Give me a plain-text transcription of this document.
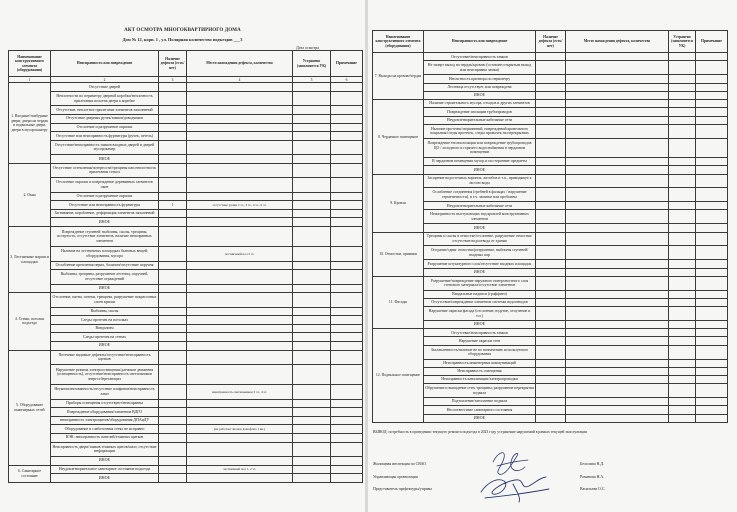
АКТ ОСМОТРА МНОГОКВАРТИРНОГО ДОМА
Дом № 12, корп. 1 , ул. Полярная количество подъездов ___3
Дата осмотра
Наименование конструктивного элемента (оборудования)	Неисправность или повреждение	Наличие дефекта (есть/нет)	Место нахождения дефекта, количество	Устранено (заполняется УК)	Примечание
1	2	3	4	5	6
1. Входные/тамбурные двери, двери на чердак и подвальные двери, двери в мусорокамеру	Отсутствие дверей				
	Неплотности по периметру дверной коробки/неплотность прилегания полотна двери к коробке				
	Отсутствие, неплотное прилегание элементов заполнений				
	Отсутствие дверных ручек/замков/доводчиков				
	Отслоение и разрушение окраски				
	Отсутствие или неисправность фурнитуры (ручек, петель)				
	Отсутствие/неисправность замков входных дверей и дверей мусорокамер				
	ИНОЕ				
2. Окна	Отсутствие остекления/потертости/трещины или неплотность прилегания стекол				
	Отслоение окраски и повреждение деревянных элементов окон				
	Отслоение и разрушение окраски				
	Отсутствие или неисправность фурнитуры	1	отсутствие ручки 2 эт., 3 эт., 4 эт., 9 эт.		
	Загнивание, коробление, деформация элементов заполнений				
	ИНОЕ				
3. Лестничные марши и площадки	Повреждение ступеней: выбоины, сколы, трещины, истертость, отсутствие элементов, наличие неисправных элементов				
	Наличие на лестничных площадках бытовых вещей, оборудования, мусора		лестничный пол 5 эт.		
	Ослабление крепления перил, балясин/отсутствие поручня				
	Выбоины, трещины, разрушение лестниц, поручней, отсутствие ограждений				
	ИНОЕ				
4. Стены, потолки подъезда	Отслоение, пятна, потеки, трещины, разрушение покрасочных слоев краски				
	Выбоины, сколы				
	Следы протечек на потолках				
	Вандализм				
	Следы протечек на стенах				
	ИНОЕ				
5. Оборудование инженерных сетей	Потечные видимые дефекты/отсутствие/неисправность щитков				
	Нарушение режима электроосвещения/датчиков движения (освещенность), отсутствие/неисправность светильников энергосберегающих				
	Неукомплектованность/отсутствие плафонов/неисправность ламп		неисправность светильников 3 эт., 4 эт.		
	Приборы освещения отсутствуют/неисправны				
	Повреждение оборудования/элементов ВДГО				
	неисправность электрощитов/оборудования ДПАиДУ				
	Оборудование в слаботочных сетях не исправно		(не работает звонок домофона 1 кв.)		
	ВЭК: неисправность панелей/этажных щитков				
	Неисправность двери/замков этажных щитов/шахт, отсутствие информации				
	ИНОЕ				
6. Санитарное состояние	Неудовлетворительное санитарное состояние подъезда		лестничный пол 1, 2 эт.		
	ИНОЕ				
Наименование конструктивного элемента (оборудования)	Неисправность или повреждение	Наличие дефекта (есть/нет)	Место нахождения дефекта, количество	Устранено (заполняется УК)	Примечание
7. Выходы на кровлю/чердак	Отсутствие/неисправность замков				
	Не заперт выход на чердак/кровлю (оставлен открытым выход или неисправны замки)				
	Неплотность притвора по периметру				
	Лестница отсутствует или повреждена				
	ИНОЕ				
8. Чердачное помещение	Наличие строительного мусора, отходов и других элементов				
	Повреждение изоляции трубопроводов				
	Неудовлетворительные кабельные сети				
	Наличие протечек/загрязнений, повреждений кровельного покрытия/следы протечек, следы промочек на перекрытиях				
	Повреждение теплоизоляции или повреждение трубопроводов ЦО / холодного и горячего водоснабжения в чердачном помещении				
	В чердачном помещении мусор и посторонние предметы				
	ИНОЕ				
9. Кровля	Засорение водосточных воронок, желобов и т.п., приводящее к застою воды				
	Ослабление соединения (гребней в фальцах / нарушение герметичности), в т.ч. замятие или пробоины				
	Неудовлетворительные кабельные сети				
	Неисправность выступающих над кровлей конструктивных элементов				
	ИНОЕ				
10. Отмостки, приямки	Трещины и сколы в отмостке/отслоение, разрушение отмостки/отсутствие водоотвода от здания				
	Оседание/сдвиг отмостки/разрушение, выбоины ступеней/входных пар				
	Разрушение штукатурного слоя/отсутствие входных площадок				
	ИНОЕ				
11. Фасады	Разрушение/повреждение наружного поверхностного слоя стенового материала/отсутствие элементов				
	Вандальные надписи (граффити)				
	Отсутствие/повреждение элементов системы водоотводов				
	Нарушение окраски фасада (отслоение, вздутие, отпучение и т.п.)				
	ИНОЕ				
12. Подвальное помещение	Отсутствие/неисправность замков				
	Нарушение окраски стен				
	Захламленность/наличие не по назначению используемого оборудования				
	Неисправность инженерных коммуникаций				
	Неисправность освещения				
	Неисправность канализации/электропроводки				
	Обрушение и выпадение стен, трещины, разрушение перекрытия подвала				
	Подтопление/затопление подвала				
	Несоответствие санитарного состояния				
	ИНОЕ				
ВЫВОД: потребность в проведении текущего ремонта подъезда в 2023 году устранение нарушений в рамках текущей эксплуатации
Жилищная инспекция по СВАО	Белолипа Н.Д.
Управляющая организация	Романова Н.А.
Представитель префектуры/управы	Васильева О.С.
